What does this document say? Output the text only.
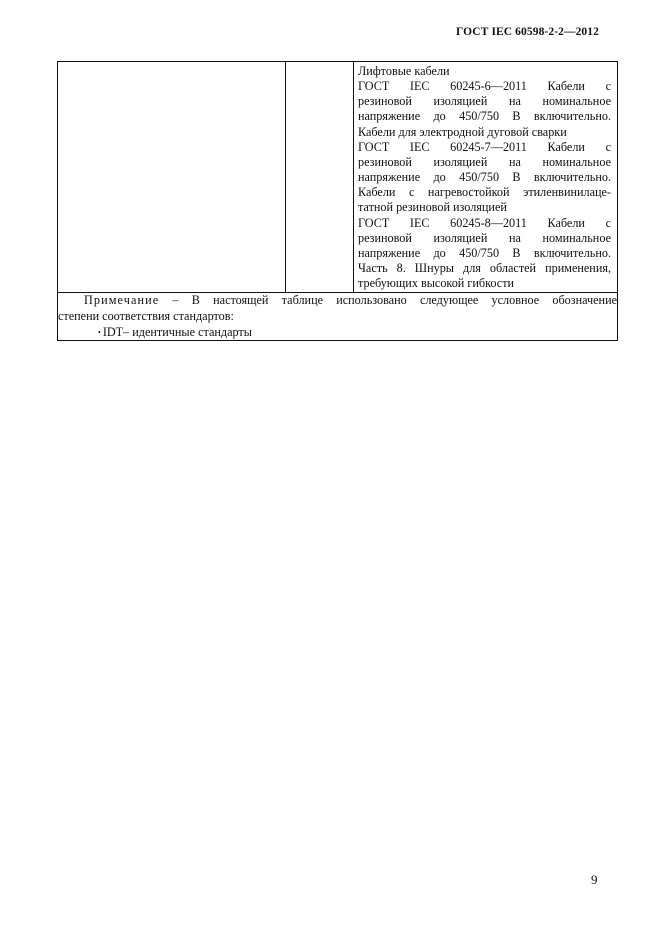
ГОСТ IEC 60598-2-2—2012

Лифтовые кабели
ГОСТ IEC 60245-6—2011 Кабели с
резиновой изоляцией на номинальное
напряжение до 450/750 В включительно.
Кабели для электродной дуговой сварки
ГОСТ IEC 60245-7—2011 Кабели с
резиновой изоляцией на номинальное
напряжение до 450/750 В включительно.
Кабели с нагревостойкой этиленвинилаце-
татной резиновой изоляцией
ГОСТ IEC 60245-8—2011 Кабели с
резиновой изоляцией на номинальное
напряжение до 450/750 В включительно.
Часть 8. Шнуры для областей применения,
требующих высокой гибкости

Примечание – В настоящей таблице использовано следующее условное обозначение
степени соответствия стандартов:
• IDT– идентичные стандарты
9
